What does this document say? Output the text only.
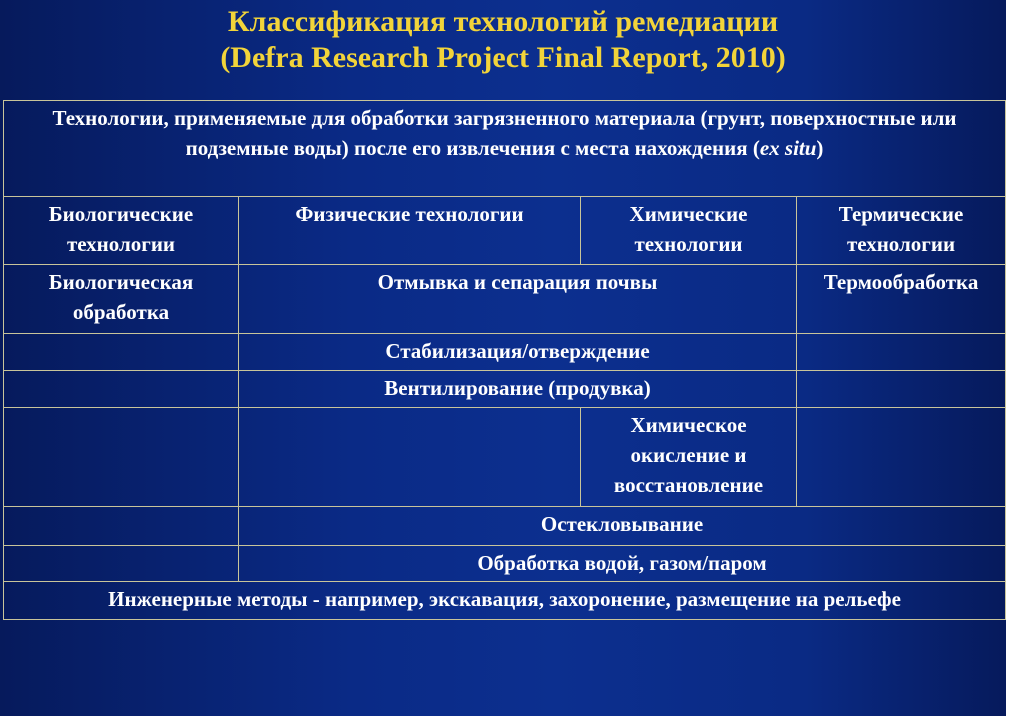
Классификация технологий ремедиации
(Defra Research Project Final Report, 2010)
Технологии, применяемые для обработки загрязненного материала (грунт, поверхностные или подземные воды) после его извлечения с места нахождения (ex situ)			
Биологические технологии	Физические технологии	Химические технологии	Термические технологии
Биологическая обработка	Отмывка и сепарация почвы		Термообработка
	Стабилизация/отверждение		
	Вентилирование (продувка)		
		Химическое окисление и восстановление	
	Остекловывание		
	Обработка водой, газом/паром		
Инженерные методы - например, экскавация, захоронение, размещение на рельефе			
